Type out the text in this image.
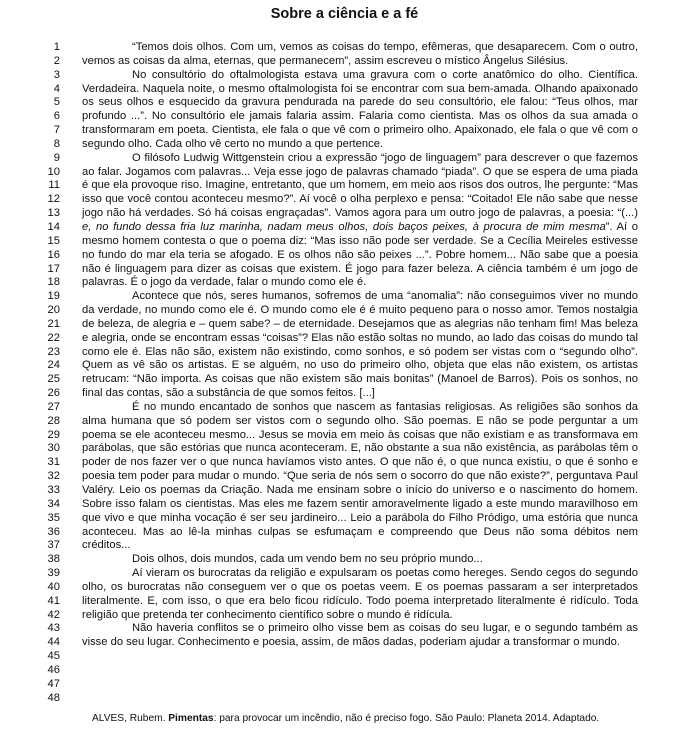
Sobre a ciência e a fé
1
2
3
4
5
6
7
8
9
10
11
12
13
14
15
16
17
18
19
20
21
22
23
24
25
26
27
28
29
30
31
32
33
34
35
36
37
38
39
40
41
42
43
44
45
46
47
48

“Temos dois olhos. Com um, vemos as coisas do tempo, efêmeras, que desaparecem. Com o outro, vemos as coisas da alma, eternas, que permanecem”, assim escreveu o místico Ângelus Silésius.

No consultório do oftalmologista estava uma gravura com o corte anatômico do olho. Científica. Verdadeira. Naquela noite, o mesmo oftalmologista foi se encontrar com sua bem-amada. Olhando apaixonado os seus olhos e esquecido da gravura pendurada na parede do seu consultório, ele falou: “Teus olhos, mar profundo ...”. No consultório ele jamais falaria assim. Falaria como cientista. Mas os olhos da sua amada o transformaram em poeta. Cientista, ele fala o que vê com o primeiro olho. Apaixonado, ele fala o que vê com o segundo olho. Cada olho vê certo no mundo a que pertence.

O filósofo Ludwig Wittgenstein criou a expressão “jogo de linguagem” para descrever o que fazemos ao falar. Jogamos com palavras... Veja esse jogo de palavras chamado “piada”. O que se espera de uma piada é que ela provoque riso. Imagine, entretanto, que um homem, em meio aos risos dos outros, lhe pergunte: “Mas isso que você contou aconteceu mesmo?”. Aí você o olha perplexo e pensa: “Coitado! Ele não sabe que nesse jogo não há verdades. Só há coisas engraçadas”. Vamos agora para um outro jogo de palavras, a poesia: “(...) e, no fundo dessa fria luz marinha, nadam meus olhos, dois baços peixes, à procura de mim mesma”. Aí o mesmo homem contesta o que o poema diz: “Mas isso não pode ser verdade. Se a Cecília Meireles estivesse no fundo do mar ela teria se afogado. E os olhos não são peixes ...”. Pobre homem... Não sabe que a poesia não é linguagem para dizer as coisas que existem. É jogo para fazer beleza. A ciência também é um jogo de palavras. É o jogo da verdade, falar o mundo como ele é.

Acontece que nós, seres humanos, sofremos de uma “anomalia”: não conseguimos viver no mundo da verdade, no mundo como ele é. O mundo como ele é é muito pequeno para o nosso amor. Temos nostalgia de beleza, de alegria e – quem sabe? – de eternidade. Desejamos que as alegrias não tenham fim! Mas beleza e alegria, onde se encontram essas “coisas”? Elas não estão soltas no mundo, ao lado das coisas do mundo tal como ele é. Elas não são, existem não existindo, como sonhos, e só podem ser vistas com o “segundo olho”. Quem as vê são os artistas. E se alguém, no uso do primeiro olho, objeta que elas não existem, os artistas retrucam: “Não importa. As coisas que não existem são mais bonitas” (Manoel de Barros). Pois os sonhos, no final das contas, são a substância de que somos feitos. [...]

É no mundo encantado de sonhos que nascem as fantasias religiosas. As religiões são sonhos da alma humana que só podem ser vistos com o segundo olho. São poemas. E não se pode perguntar a um poema se ele aconteceu mesmo... Jesus se movia em meio às coisas que não existiam e as transformava em parábolas, que são estórias que nunca aconteceram. E, não obstante a sua não existência, as parábolas têm o poder de nos fazer ver o que nunca havíamos visto antes. O que não é, o que nunca existiu, o que é sonho e poesia tem poder para mudar o mundo. “Que seria de nós sem o socorro do que não existe?”, perguntava Paul Valéry. Leio os poemas da Criação. Nada me ensinam sobre o início do universo e o nascimento do homem. Sobre isso falam os cientistas. Mas eles me fazem sentir amoravelmente ligado a este mundo maravilhoso em que vivo e que minha vocação é ser seu jardineiro... Leio a parábola do Filho Pródigo, uma estória que nunca aconteceu. Mas ao lê-la minhas culpas se esfumaçam e compreendo que Deus não soma débitos nem créditos...

Dois olhos, dois mundos, cada um vendo bem no seu próprio mundo...

Aí vieram os burocratas da religião e expulsaram os poetas como hereges. Sendo cegos do segundo olho, os burocratas não conseguem ver o que os poetas veem. E os poemas passaram a ser interpretados literalmente. E, com isso, o que era belo ficou ridículo. Todo poema interpretado literalmente é ridículo. Toda religião que pretenda ter conhecimento científico sobre o mundo é ridícula.

Não haveria conflitos se o primeiro olho visse bem as coisas do seu lugar, e o segundo também as visse do seu lugar. Conhecimento e poesia, assim, de mãos dadas, poderiam ajudar a transformar o mundo.

ALVES, Rubem. Pimentas: para provocar um incêndio, não é preciso fogo. São Paulo: Planeta 2014. Adaptado.
